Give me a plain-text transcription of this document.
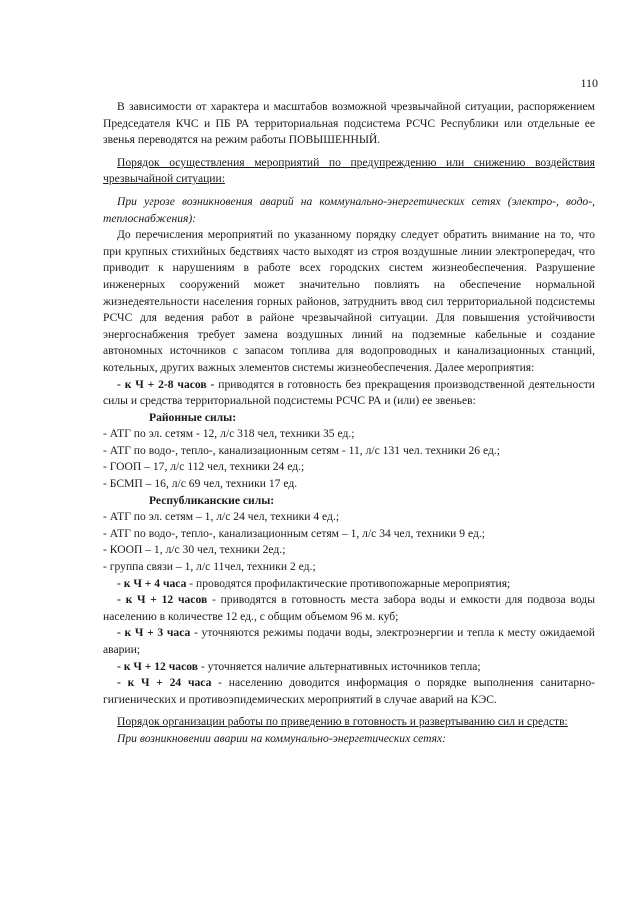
110

В зависимости от характера и масштабов возможной чрезвычайной ситуации, распоряжением Председателя КЧС и ПБ РА территориальная подсистема РСЧС Республики или отдельные ее звенья переводятся на режим работы ПОВЫШЕННЫЙ.

Порядок осуществления мероприятий по предупреждению или снижению воздействия чрезвычайной ситуации:

При угрозе возникновения аварий на коммунально-энергетических сетях (электро-, водо-, теплоснабжения):

До перечисления мероприятий по указанному порядку следует обратить внимание на то, что при крупных стихийных бедствиях часто выходят из строя воздушные линии электропередач, что приводит к нарушениям в работе всех городских систем жизнеобеспечения. Разрушение инженерных сооружений может значительно повлиять на обеспечение нормальной жизнедеятельности населения горных районов, затруднить ввод сил территориальной подсистемы РСЧС для ведения работ в районе чрезвычайной ситуации. Для повышения устойчивости энергоснабжения требует замена воздушных линий на подземные кабельные и создание автономных источников с запасом топлива для водопроводных и канализационных станций, котельных, других важных элементов системы жизнеобеспечения. Далее мероприятия:

- к Ч + 2-8 часов - приводятся в готовность без прекращения производственной деятельности силы и средства территориальной подсистемы РСЧС РА и (или) ее звеньев:

Районные силы:

- АТГ по эл. сетям - 12, л/с 318 чел, техники 35 ед.;

- АТГ по водо-, тепло-, канализационным сетям - 11, л/с 131 чел. техники 26 ед.;

- ГООП – 17, л/с 112 чел, техники 24 ед.;

- БСМП – 16, л/с 69 чел, техники 17 ед.

Республиканские силы:

- АТГ по эл. сетям – 1, л/с 24 чел, техники 4 ед.;

- АТГ по водо-, тепло-, канализационным сетям – 1, л/с 34 чел, техники 9 ед.;

- КООП – 1, л/с 30 чел, техники 2ед.;

- группа связи – 1, л/с 11чел, техники 2 ед.;

- к Ч + 4 часа - проводятся профилактические противопожарные мероприятия;

- к Ч + 12 часов - приводятся в готовность места забора воды и емкости для подвоза воды населению в количестве 12 ед., с общим объемом 96 м. куб;

- к Ч + 3 часа - уточняются режимы подачи воды, электроэнергии и тепла к месту ожидаемой аварии;

- к Ч + 12 часов - уточняется наличие альтернативных источников тепла;

- к Ч + 24 часа - населению доводится информация о порядке выполнения санитарно-гигиенических и противоэпидемических мероприятий в случае аварий на КЭС.

Порядок организации работы по приведению в готовность и развертыванию сил и средств:

При возникновении аварии на коммунально-энергетических сетях:
